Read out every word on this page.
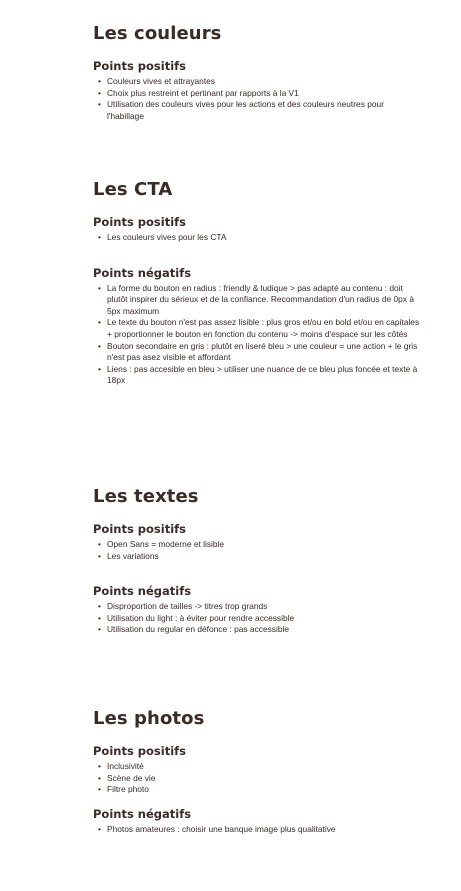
Les couleurs
Points positifs
• Couleurs vives et attrayantes
• Choix plus restreint et pertinant par rapports à la V1
• Utilisation des couleurs vives pour les actions et des couleurs neutres pour l'habillage
Les CTA
Points positifs
• Les couleurs vives pour les CTA
Points négatifs
• La forme du bouton en radius : friendly & ludique > pas adapté au contenu : doit plutôt inspirer du sérieux et de la confiance. Recommandation d'un radius de 0px à 5px maximum
• Le texte du bouton n'est pas assez lisible : plus gros et/ou en bold et/ou en capitales + proportionner le bouton en fonction du contenu -> moins d'espace sur les côtés
• Bouton secondaire en gris : plutôt en liseré bleu > une couleur = une action + le gris n'est pas asez visible et affordant
• Liens : pas accesible en bleu > utiliser une nuance de ce bleu plus foncée et texte à 18px
Les textes
Points positifs
• Open Sans = moderne et lisible
• Les variations
Points négatifs
• Disproportion de tailles -> titres trop grands
• Utilisation du light : à éviter pour rendre accessible
• Utilisation du regular en défonce : pas accessible
Les photos
Points positifs
• Inclusivité
• Scène de vie
• Filtre photo
Points négatifs
• Photos amateures : choisir une banque image plus qualitative
